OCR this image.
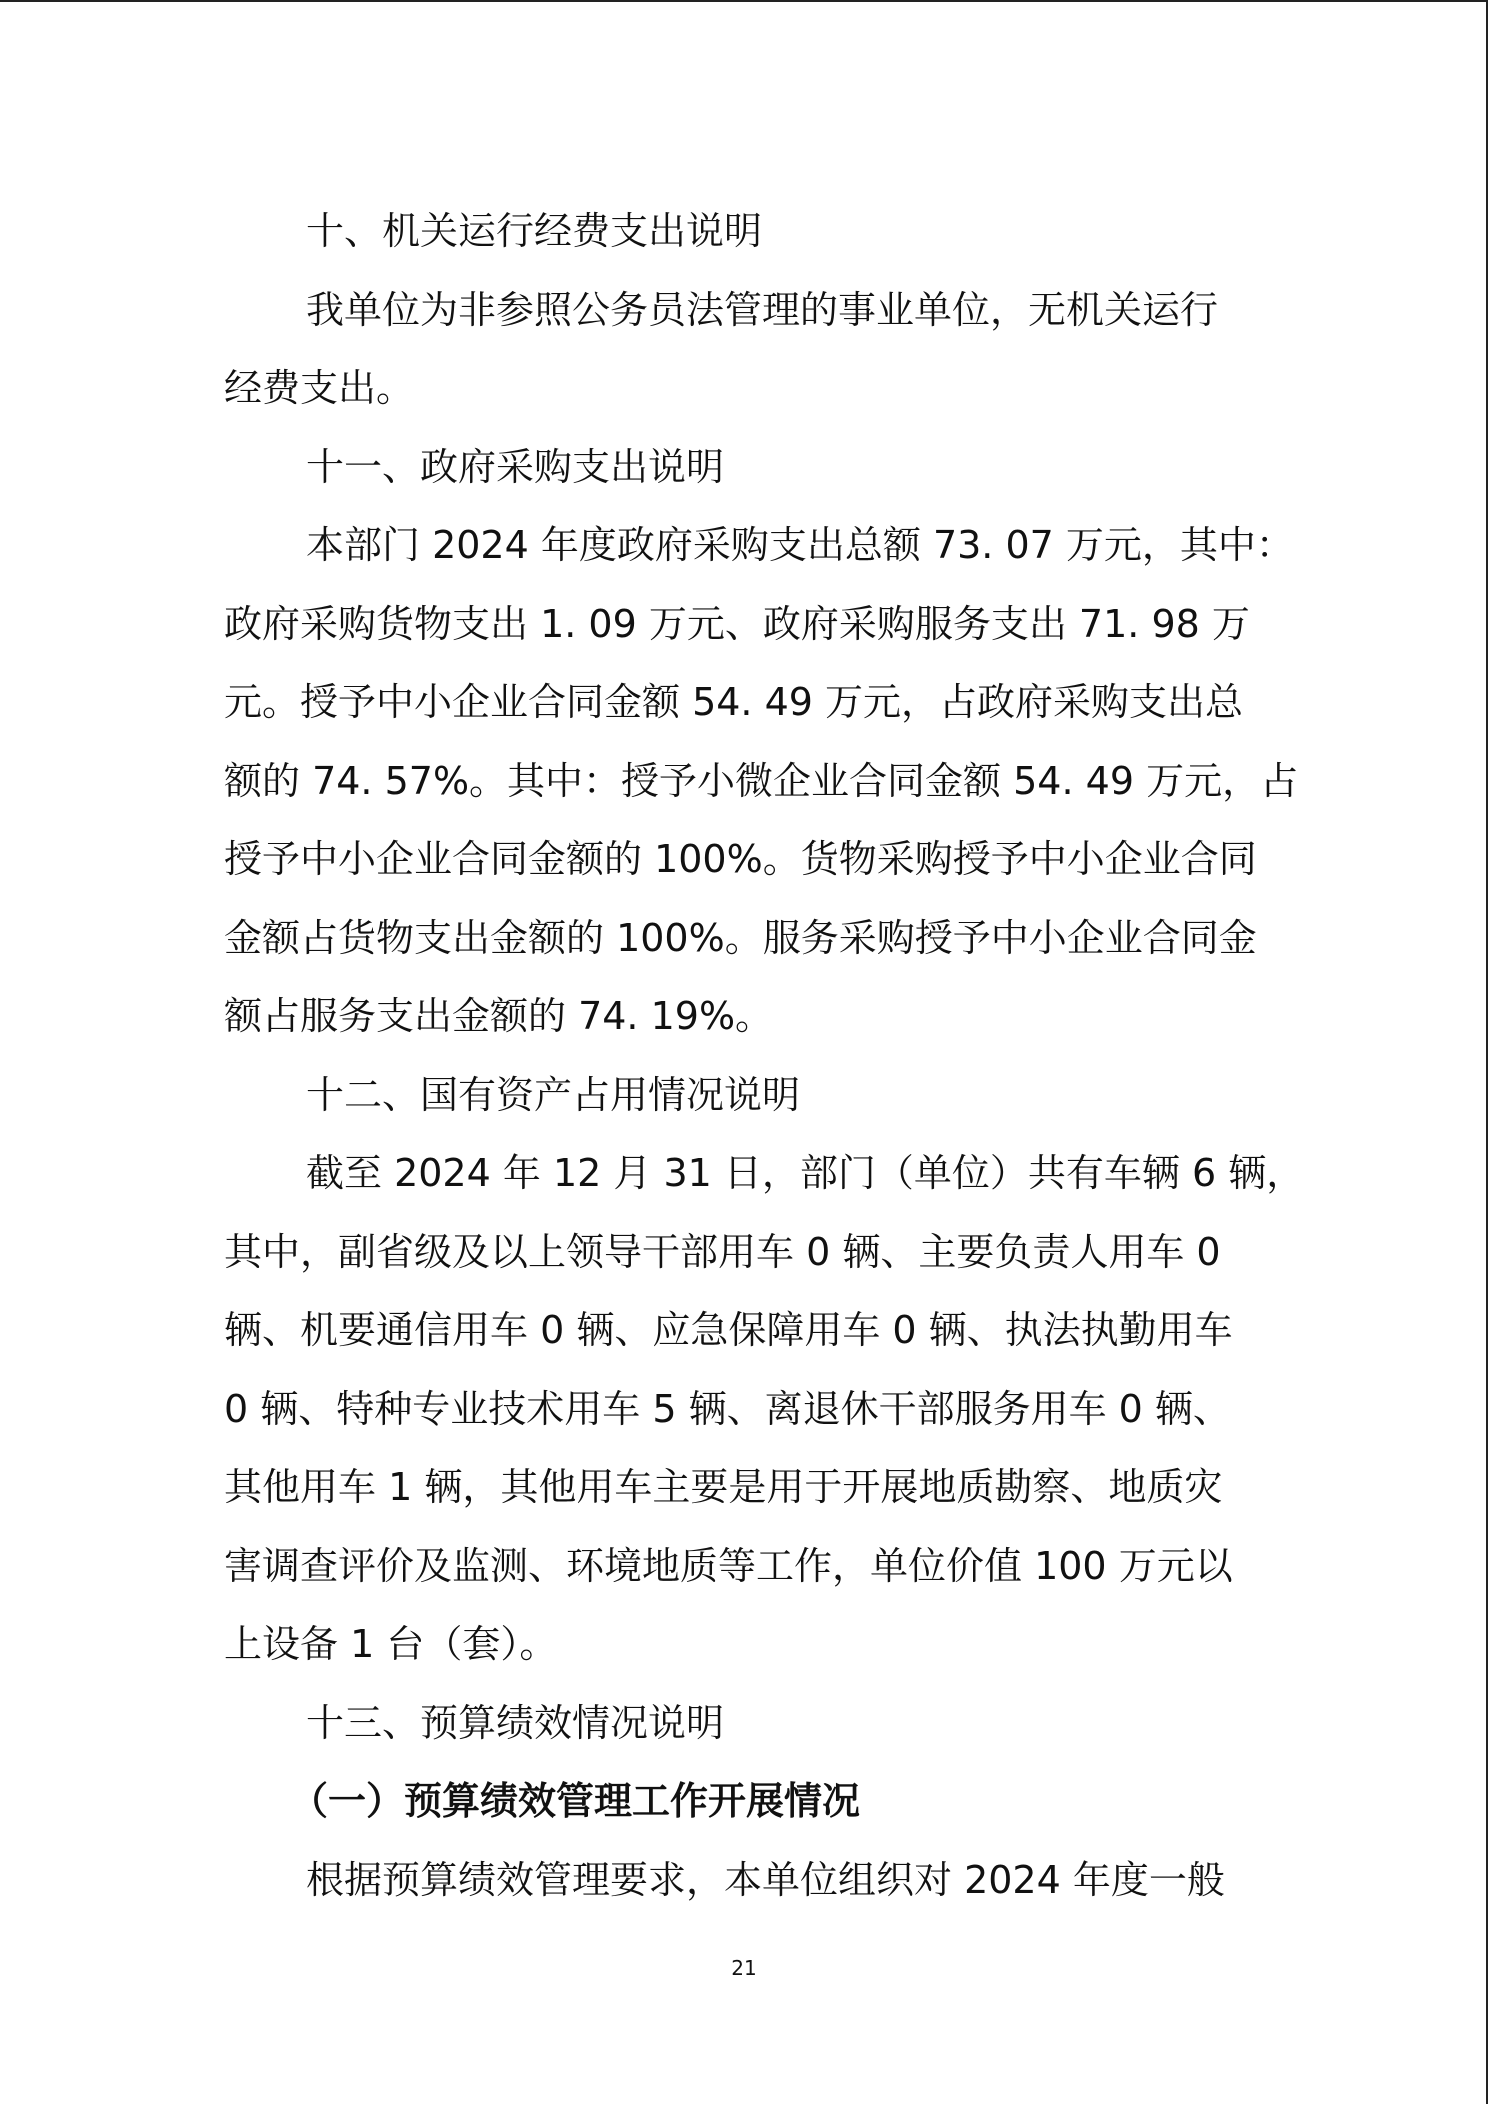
十、机关运行经费支出说明
我单位为非参照公务员法管理的事业单位，无机关运行
经费支出。
十一、政府采购支出说明
本部门 2024 年度政府采购支出总额 73. 07 万元，其中：
政府采购货物支出 1. 09 万元、政府采购服务支出 71. 98 万
元。授予中小企业合同金额 54. 49 万元，占政府采购支出总
额的 74. 57%。其中：授予小微企业合同金额 54. 49 万元，占
授予中小企业合同金额的 100%。货物采购授予中小企业合同
金额占货物支出金额的 100%。服务采购授予中小企业合同金
额占服务支出金额的 74. 19%。
十二、国有资产占用情况说明
截至 2024 年 12 月 31 日，部门（单位）共有车辆 6 辆，
其中，副省级及以上领导干部用车 0 辆、主要负责人用车 0
辆、机要通信用车 0 辆、应急保障用车 0 辆、执法执勤用车
0 辆、特种专业技术用车 5 辆、离退休干部服务用车 0 辆、
其他用车 1 辆，其他用车主要是用于开展地质勘察、地质灾
害调查评价及监测、环境地质等工作，单位价值 100 万元以
上设备 1 台（套）。
十三、预算绩效情况说明
（一）预算绩效管理工作开展情况
根据预算绩效管理要求，本单位组织对 2024 年度一般
21
